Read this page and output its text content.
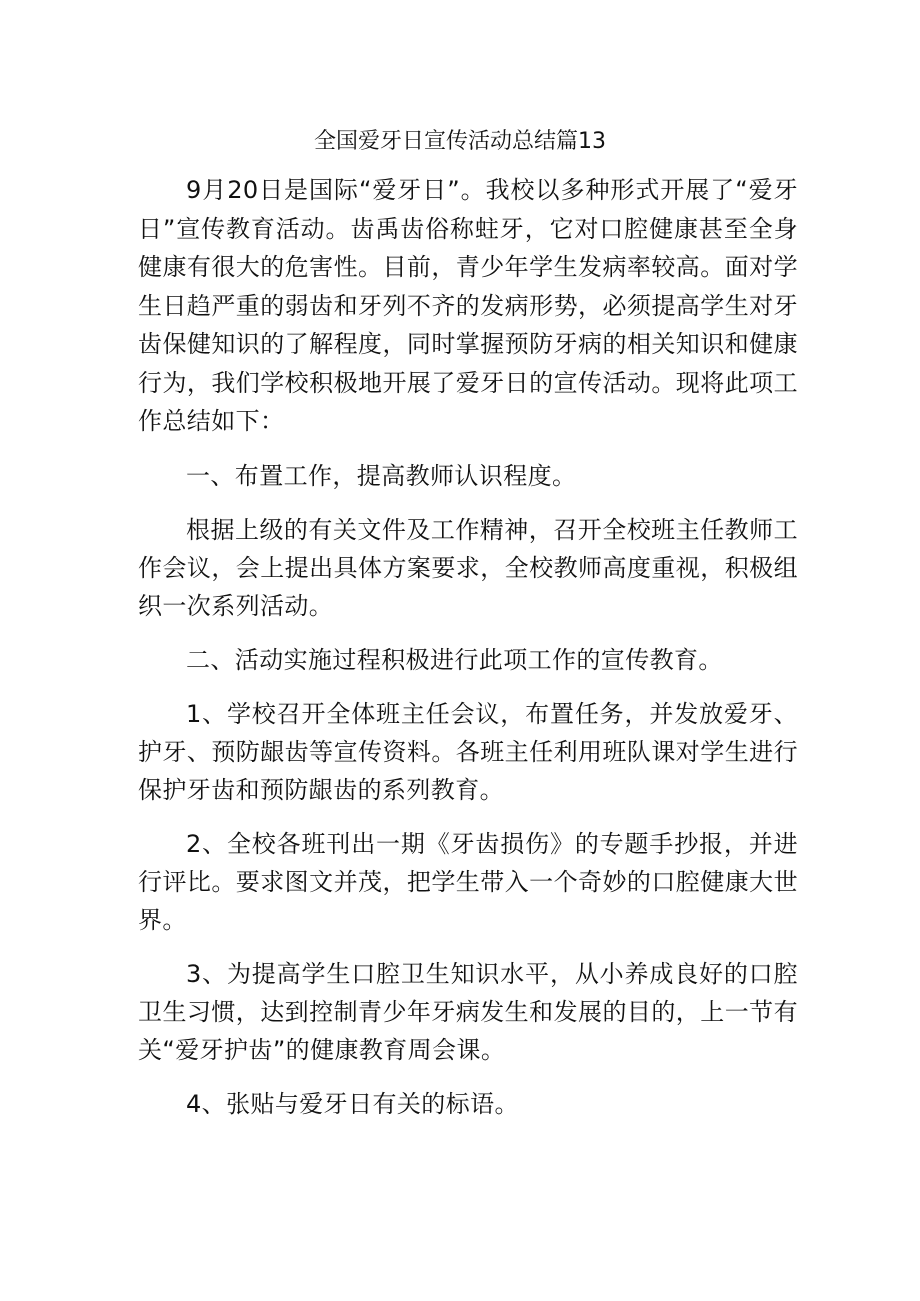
全国爱牙日宣传活动总结篇13

9月20日是国际“爱牙日”。我校以多种形式开展了“爱牙日”宣传教育活动。齿禹齿俗称蛀牙，它对口腔健康甚至全身健康有很大的危害性。目前，青少年学生发病率较高。面对学生日趋严重的弱齿和牙列不齐的发病形势，必须提高学生对牙齿保健知识的了解程度，同时掌握预防牙病的相关知识和健康行为，我们学校积极地开展了爱牙日的宣传活动。现将此项工作总结如下：

一、布置工作，提高教师认识程度。

根据上级的有关文件及工作精神，召开全校班主任教师工作会议，会上提出具体方案要求，全校教师高度重视，积极组织一次系列活动。

二、活动实施过程积极进行此项工作的宣传教育。

1、学校召开全体班主任会议，布置任务，并发放爱牙、护牙、预防龈齿等宣传资料。各班主任利用班队课对学生进行保护牙齿和预防龈齿的系列教育。

2、全校各班刊出一期《牙齿损伤》的专题手抄报，并进行评比。要求图文并茂，把学生带入一个奇妙的口腔健康大世界。

3、为提高学生口腔卫生知识水平，从小养成良好的口腔卫生习惯，达到控制青少年牙病发生和发展的目的，上一节有关“爱牙护齿”的健康教育周会课。

4、张贴与爱牙日有关的标语。
